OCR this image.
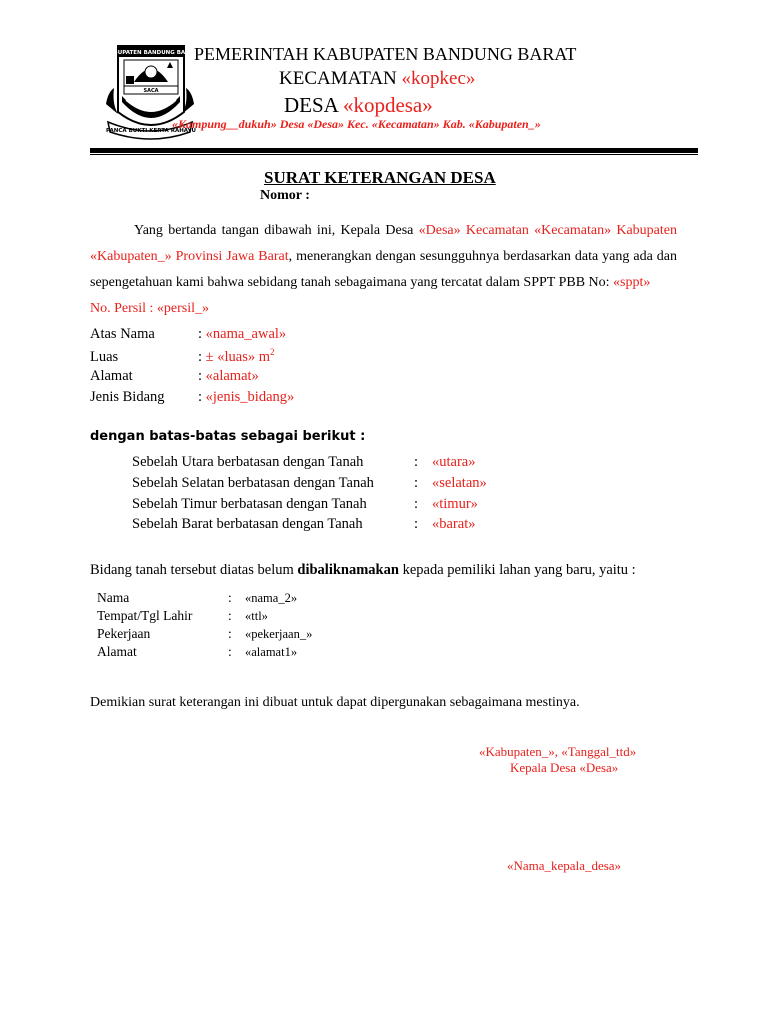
KABUPATEN BANDUNG BARAT
SACA
PANCA BUKTI KERTA RAHAYU
PEMERINTAH KABUPATEN BANDUNG BARAT
KECAMATAN «kopkec»
DESA «kopdesa»
«Kampung__dukuh» Desa «Desa» Kec. «Kecamatan» Kab. «Kabupaten_»
SURAT KETERANGAN DESA
Nomor :

Yang bertanda tangan dibawah ini, Kepala Desa «Desa» Kecamatan «Kecamatan» Kabupaten «Kabupaten_» Provinsi Jawa Barat, menerangkan dengan sesungguhnya berdasarkan data yang ada dan sepengetahuan kami bahwa sebidang tanah sebagaimana yang tercatat dalam SPPT PBB No: «sppt»

No. Persil : «persil_»

Atas Nama	: «nama_awal»
Luas	: ± «luas» $m^2$
Alamat	: «alamat»
Jenis Bidang : «jenis_bidang»
dengan batas-batas sebagai berikut :
Sebelah Utara berbatasan dengan Tanah	: «utara»
Sebelah Selatan berbatasan dengan Tanah	: «selatan»
Sebelah Timur berbatasan dengan Tanah	: «timur»
Sebelah Barat berbatasan dengan Tanah	: «barat»
Bidang tanah tersebut diatas belum dibaliknamakan kepada pemiliki lahan yang baru, yaitu :
Nama	: «nama_2»
Tempat/Tgl Lahir	: «ttl»
Pekerjaan	: «pekerjaan_»
Alamat	: «alamat1»
Demikian surat keterangan ini dibuat untuk dapat dipergunakan sebagaimana mestinya.
«Kabupaten_», «Tanggal_ttd»
Kepala Desa «Desa»
«Nama_kepala_desa»
